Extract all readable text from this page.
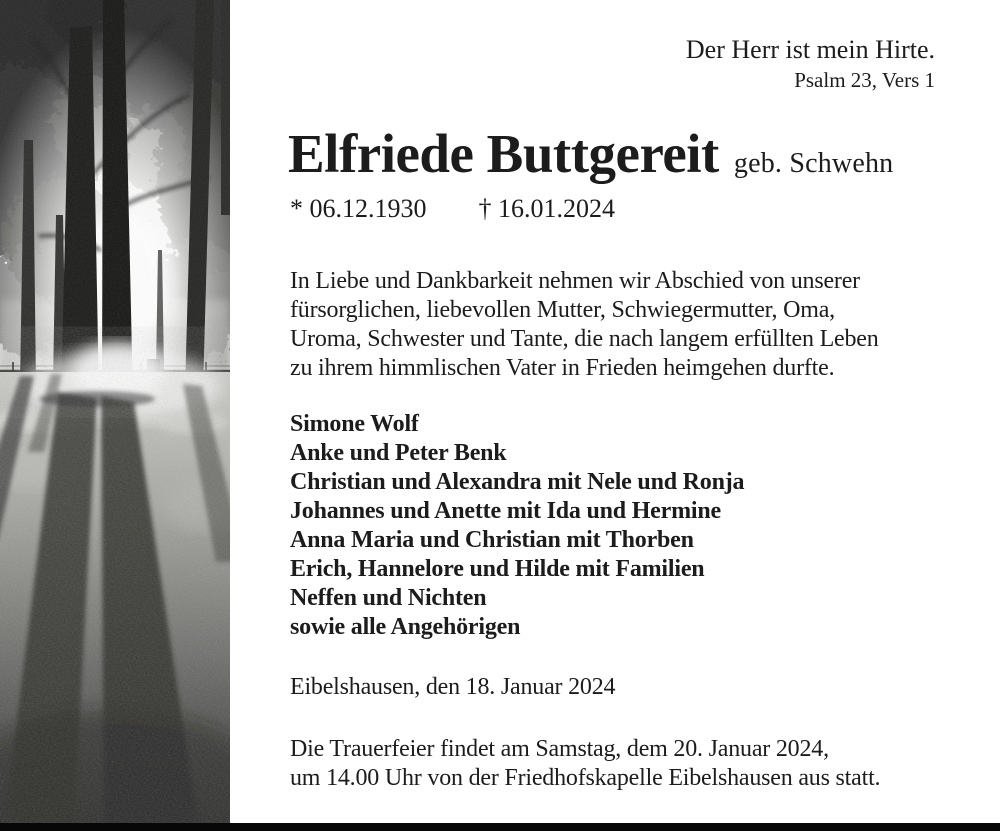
Der Herr ist mein Hirte.
Psalm 23, Vers 1
Elfriede Buttgereit geb. Schwehn
* 06.12.1930 † 16.01.2024
In Liebe und Dankbarkeit nehmen wir Abschied von unserer
fürsorglichen, liebevollen Mutter, Schwiegermutter, Oma,
Uroma, Schwester und Tante, die nach langem erfüllten Leben
zu ihrem himmlischen Vater in Frieden heimgehen durfte.
Simone Wolf
Anke und Peter Benk
Christian und Alexandra mit Nele und Ronja
Johannes und Anette mit Ida und Hermine
Anna Maria und Christian mit Thorben
Erich, Hannelore und Hilde mit Familien
Neffen und Nichten
sowie alle Angehörigen
Eibelshausen, den 18. Januar 2024
Die Trauerfeier findet am Samstag, dem 20. Januar 2024,
um 14.00 Uhr von der Friedhofskapelle Eibelshausen aus statt.
